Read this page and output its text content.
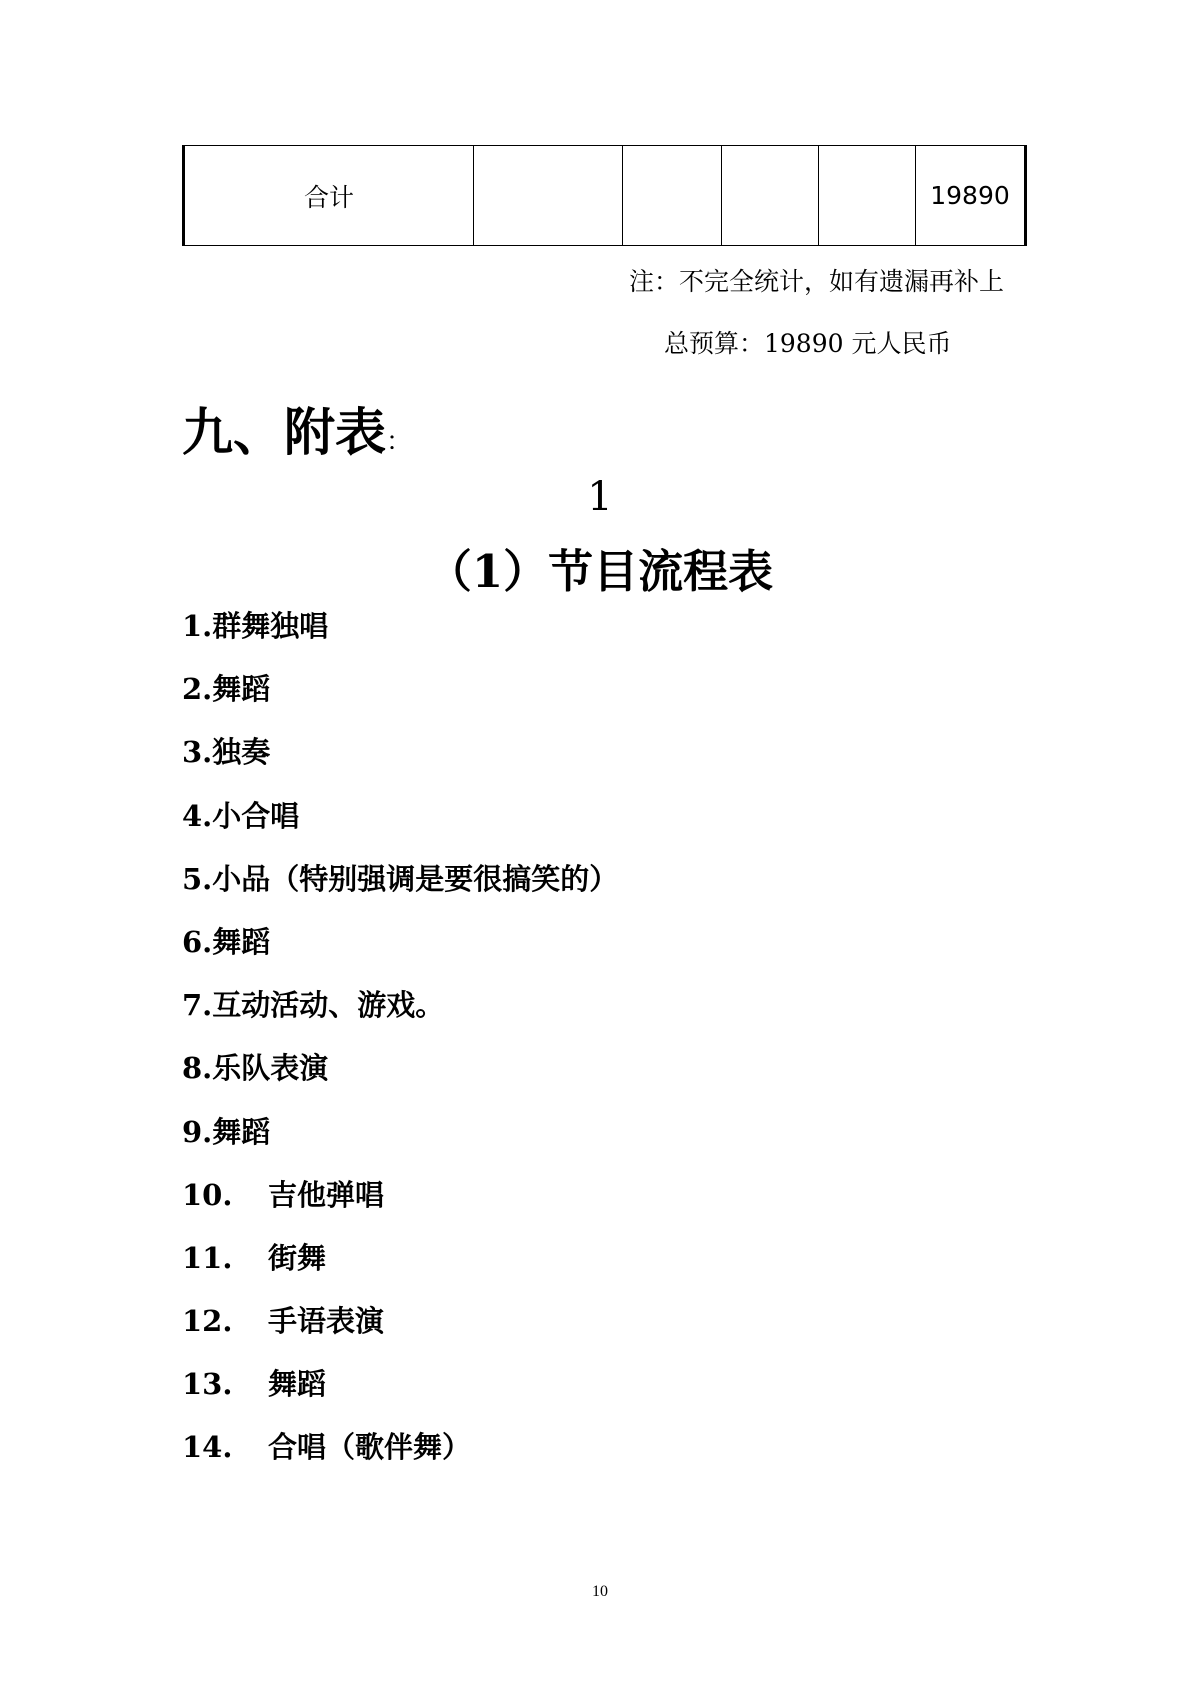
合计					19890
注：不完全统计，如有遗漏再补上
总预算：19890 元人民币
九、附表：
1
（1）节目流程表
1.群舞独唱
2.舞蹈
3.独奏
4.小合唱
5.小品（特别强调是要很搞笑的）
6.舞蹈
7.互动活动、游戏。
8.乐队表演
9.舞蹈
10. 吉他弹唱
11. 街舞
12. 手语表演
13. 舞蹈
14. 合唱（歌伴舞）
10
